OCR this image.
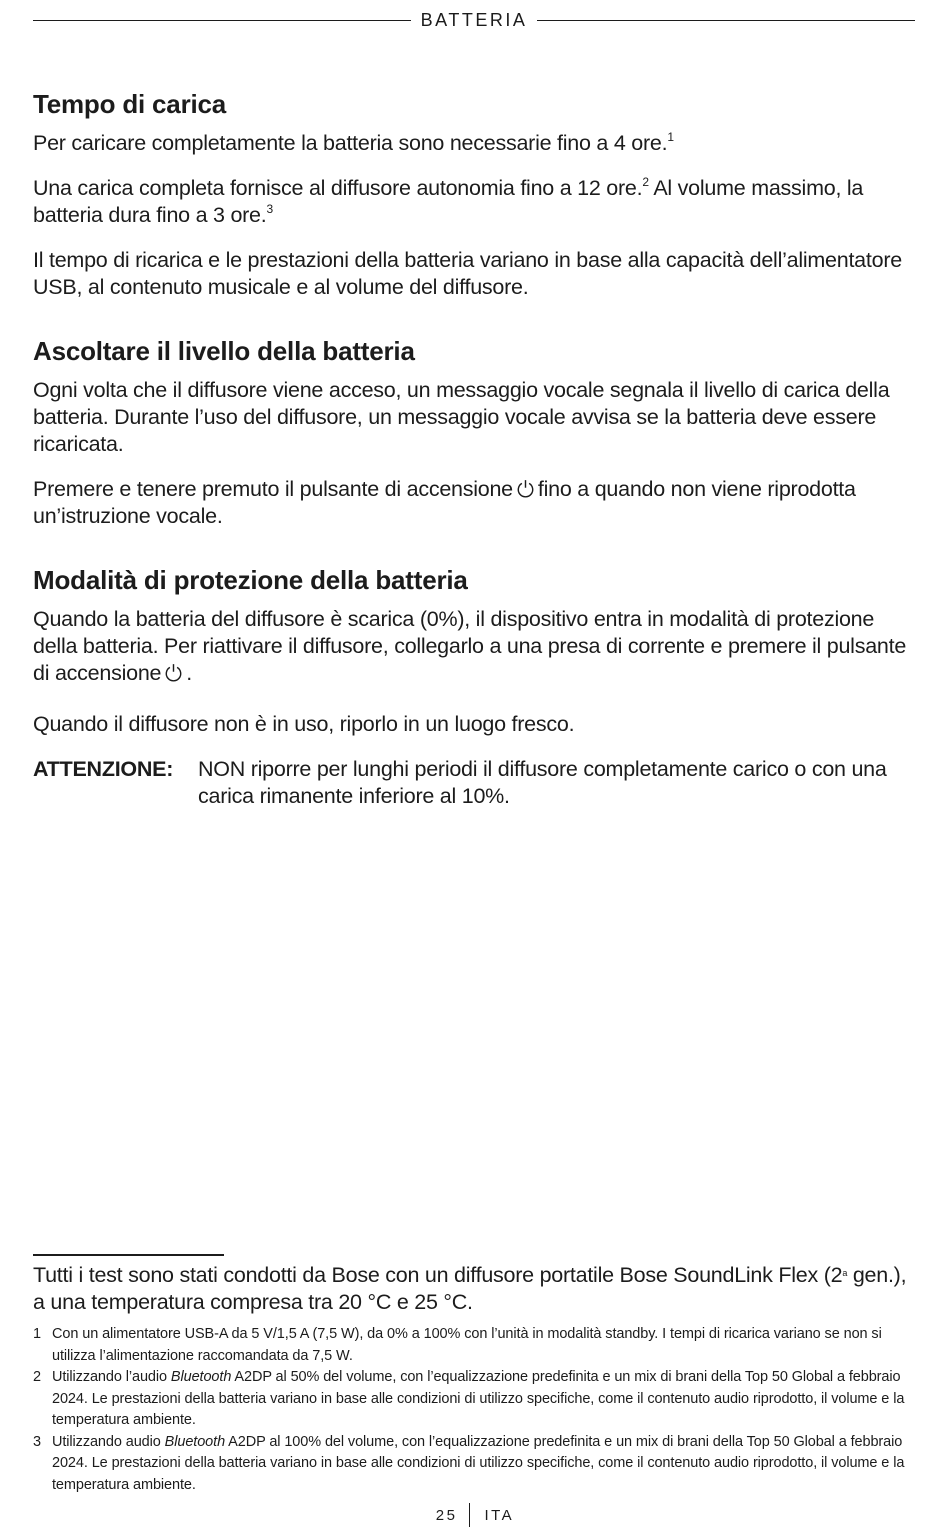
BATTERIA
Tempo di carica

Per caricare completamente la batteria sono necessarie fino a 4 ore.$^1$

Una carica completa fornisce al diffusore autonomia fino a 12 ore.$^2$ Al volume massimo, la batteria dura fino a 3 ore.$^3$

Il tempo di ricarica e le prestazioni della batteria variano in base alla capacità dell’alimentatore USB, al contenuto musicale e al volume del diffusore.

Ascoltare il livello della batteria

Ogni volta che il diffusore viene acceso, un messaggio vocale segnala il livello di carica della batteria. Durante l’uso del diffusore, un messaggio vocale avvisa se la batteria deve essere ricaricata.

Premere e tenere premuto il pulsante di accensione fino a quando non viene riprodotta un’istruzione vocale.

Modalità di protezione della batteria

Quando la batteria del diffusore è scarica (0%), il dispositivo entra in modalità di protezione della batteria. Per riattivare il diffusore, collegarlo a una presa di corrente e premere il pulsante di accensione .

Quando il diffusore non è in uso, riporlo in un luogo fresco.

ATTENZIONE:	NON riporre per lunghi periodi il diffusore completamente carico o con una carica rimanente inferiore al 10%.

Tutti i test sono stati condotti da Bose con un diffusore portatile Bose SoundLink Flex (2$^a$ gen.), a una temperatura compresa tra 20 °C e 25 °C.

1 Con un alimentatore USB-A da 5 V/1,5 A (7,5 W), da 0% a 100% con l’unità in modalità standby. I tempi di ricarica variano se non si utilizza l’alimentazione raccomandata da 7,5 W.
2 Utilizzando l’audio Bluetooth A2DP al 50% del volume, con l’equalizzazione predefinita e un mix di brani della Top 50 Global a febbraio 2024. Le prestazioni della batteria variano in base alle condizioni di utilizzo specifiche, come il contenuto audio riprodotto, il volume e la temperatura ambiente.
3 Utilizzando audio Bluetooth A2DP al 100% del volume, con l’equalizzazione predefinita e un mix di brani della Top 50 Global a febbraio 2024. Le prestazioni della batteria variano in base alle condizioni di utilizzo specifiche, come il contenuto audio riprodotto, il volume e la temperatura ambiente.
25 ITA
